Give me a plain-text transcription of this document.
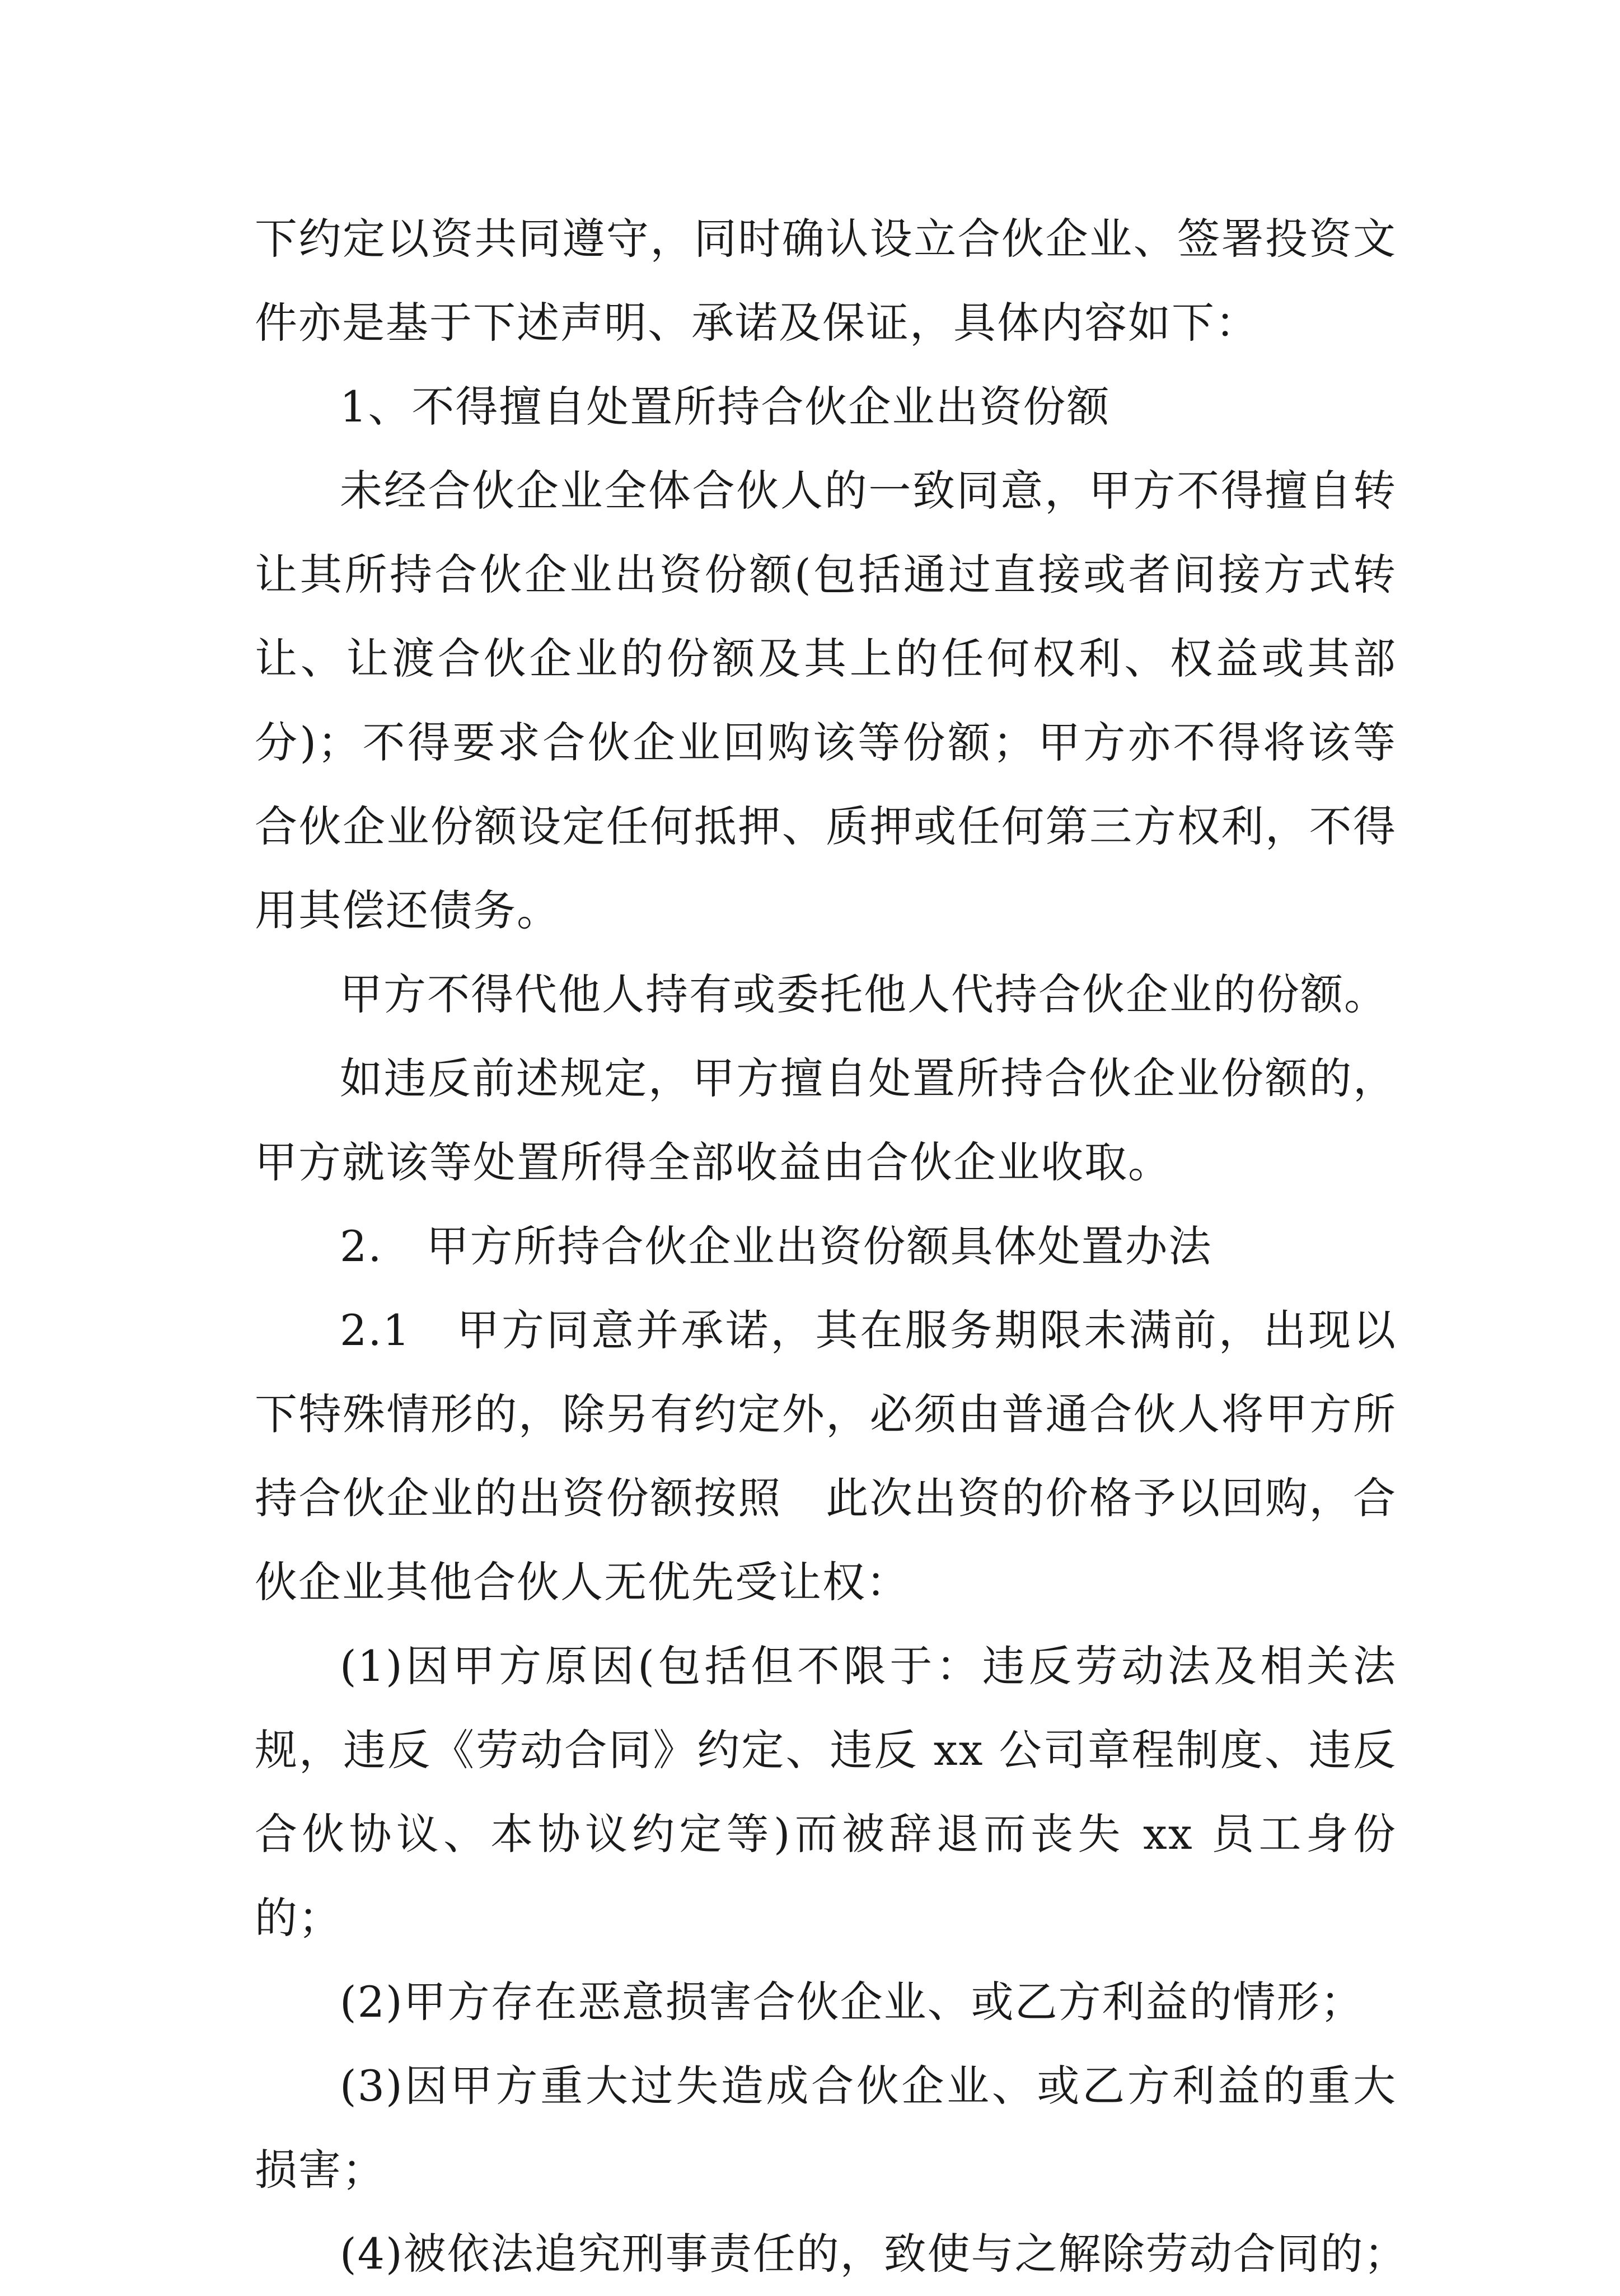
下约定以资共同遵守，同时确认设立合伙企业、签署投资文件亦是基于下述声明、承诺及保证，具体内容如下：

1、不得擅自处置所持合伙企业出资份额

未经合伙企业全体合伙人的一致同意，甲方不得擅自转让其所持合伙企业出资份额(包括通过直接或者间接方式转让、让渡合伙企业的份额及其上的任何权利、权益或其部分)；不得要求合伙企业回购该等份额；甲方亦不得将该等合伙企业份额设定任何抵押、质押或任何第三方权利，不得用其偿还债务。

甲方不得代他人持有或委托他人代持合伙企业的份额。

如违反前述规定，甲方擅自处置所持合伙企业份额的，甲方就该等处置所得全部收益由合伙企业收取。

2.　甲方所持合伙企业出资份额具体处置办法

2.1　甲方同意并承诺，其在服务期限未满前，出现以下特殊情形的，除另有约定外，必须由普通合伙人将甲方所持合伙企业的出资份额按照　此次出资的价格予以回购，合伙企业其他合伙人无优先受让权：

(1)因甲方原因(包括但不限于：违反劳动法及相关法规，违反《劳动合同》约定、违反 xx 公司章程制度、违反合伙协议、本协议约定等)而被辞退而丧失 xx 员工身份的；

(2)甲方存在恶意损害合伙企业、或乙方利益的情形；

(3)因甲方重大过失造成合伙企业、或乙方利益的重大损害；

(4)被依法追究刑事责任的，致使与之解除劳动合同的；
